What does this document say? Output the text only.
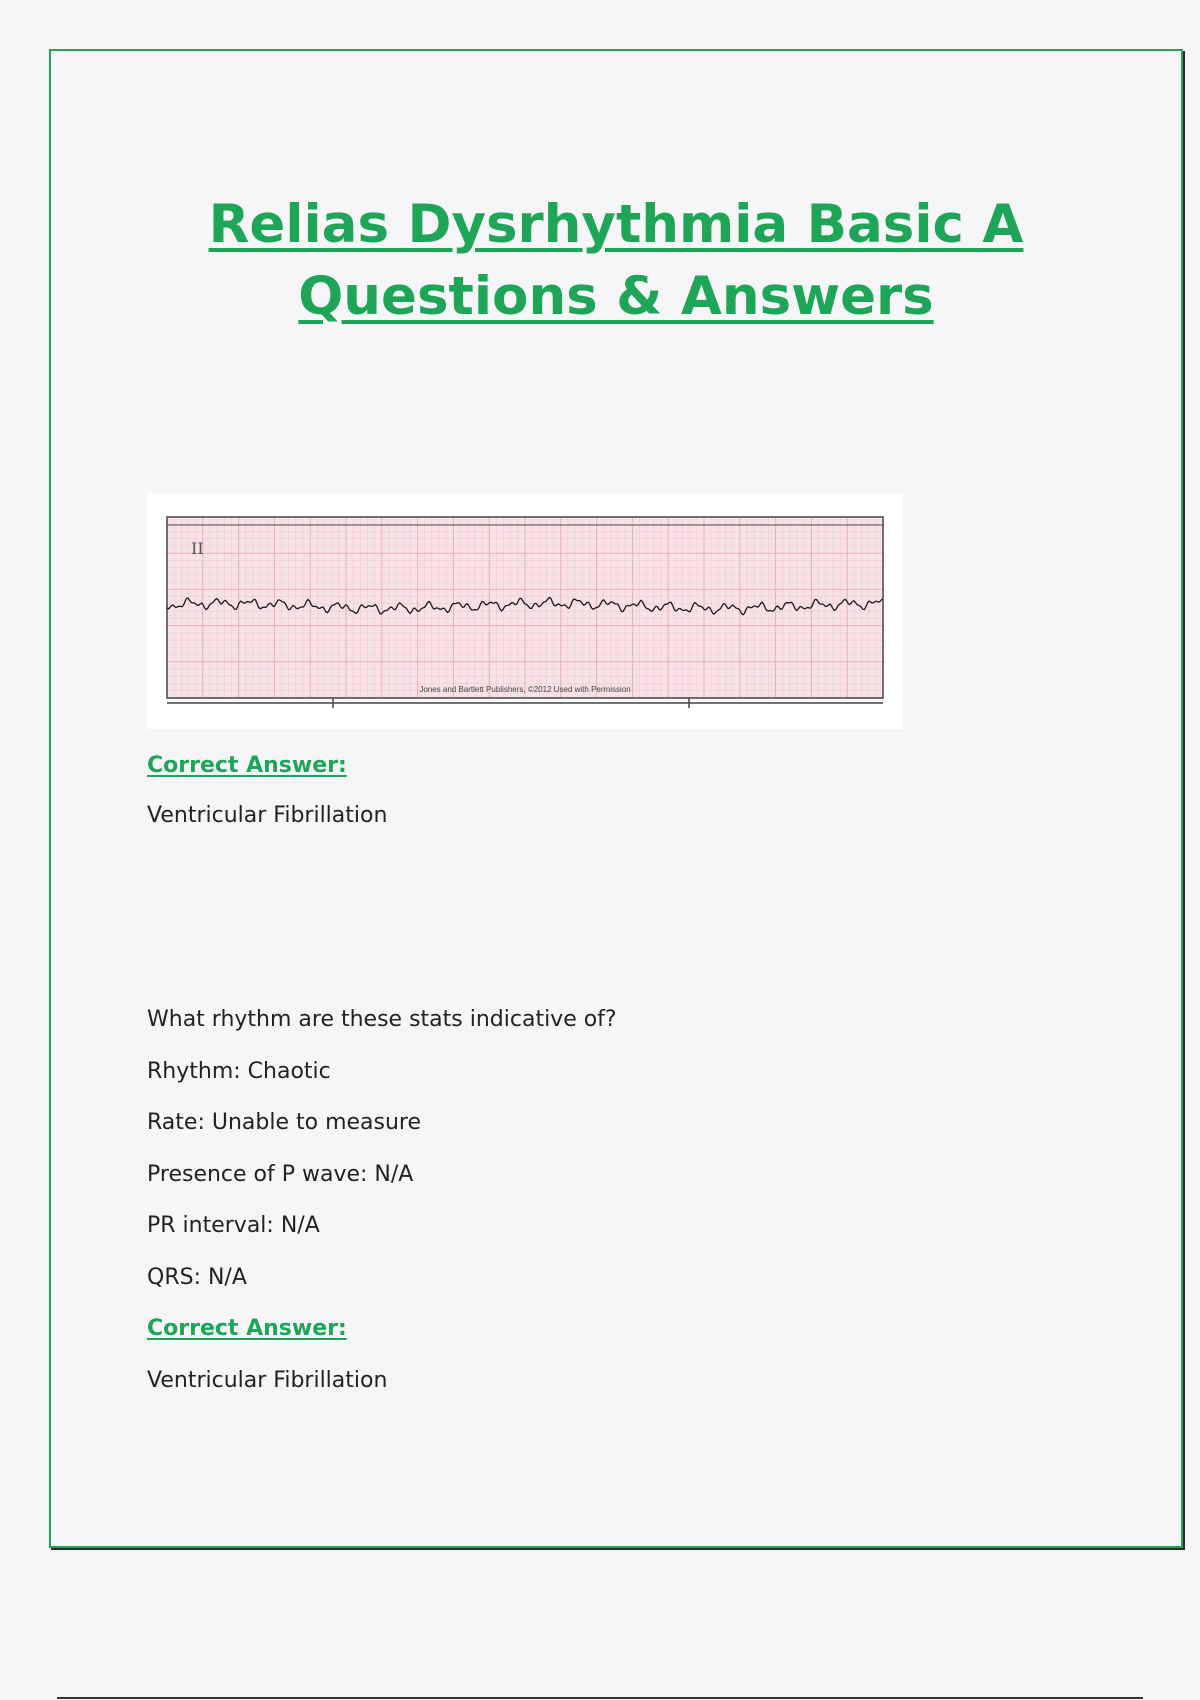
Relias Dysrhythmia Basic A
Questions & Answers

II
Jones and Bartlett Publishers, ©2012 Used with Permission

Correct Answer:

Ventricular Fibrillation

What rhythm are these stats indicative of?

Rhythm: Chaotic

Rate: Unable to measure

Presence of P wave: N/A

PR interval: N/A

QRS: N/A

Correct Answer:

Ventricular Fibrillation
